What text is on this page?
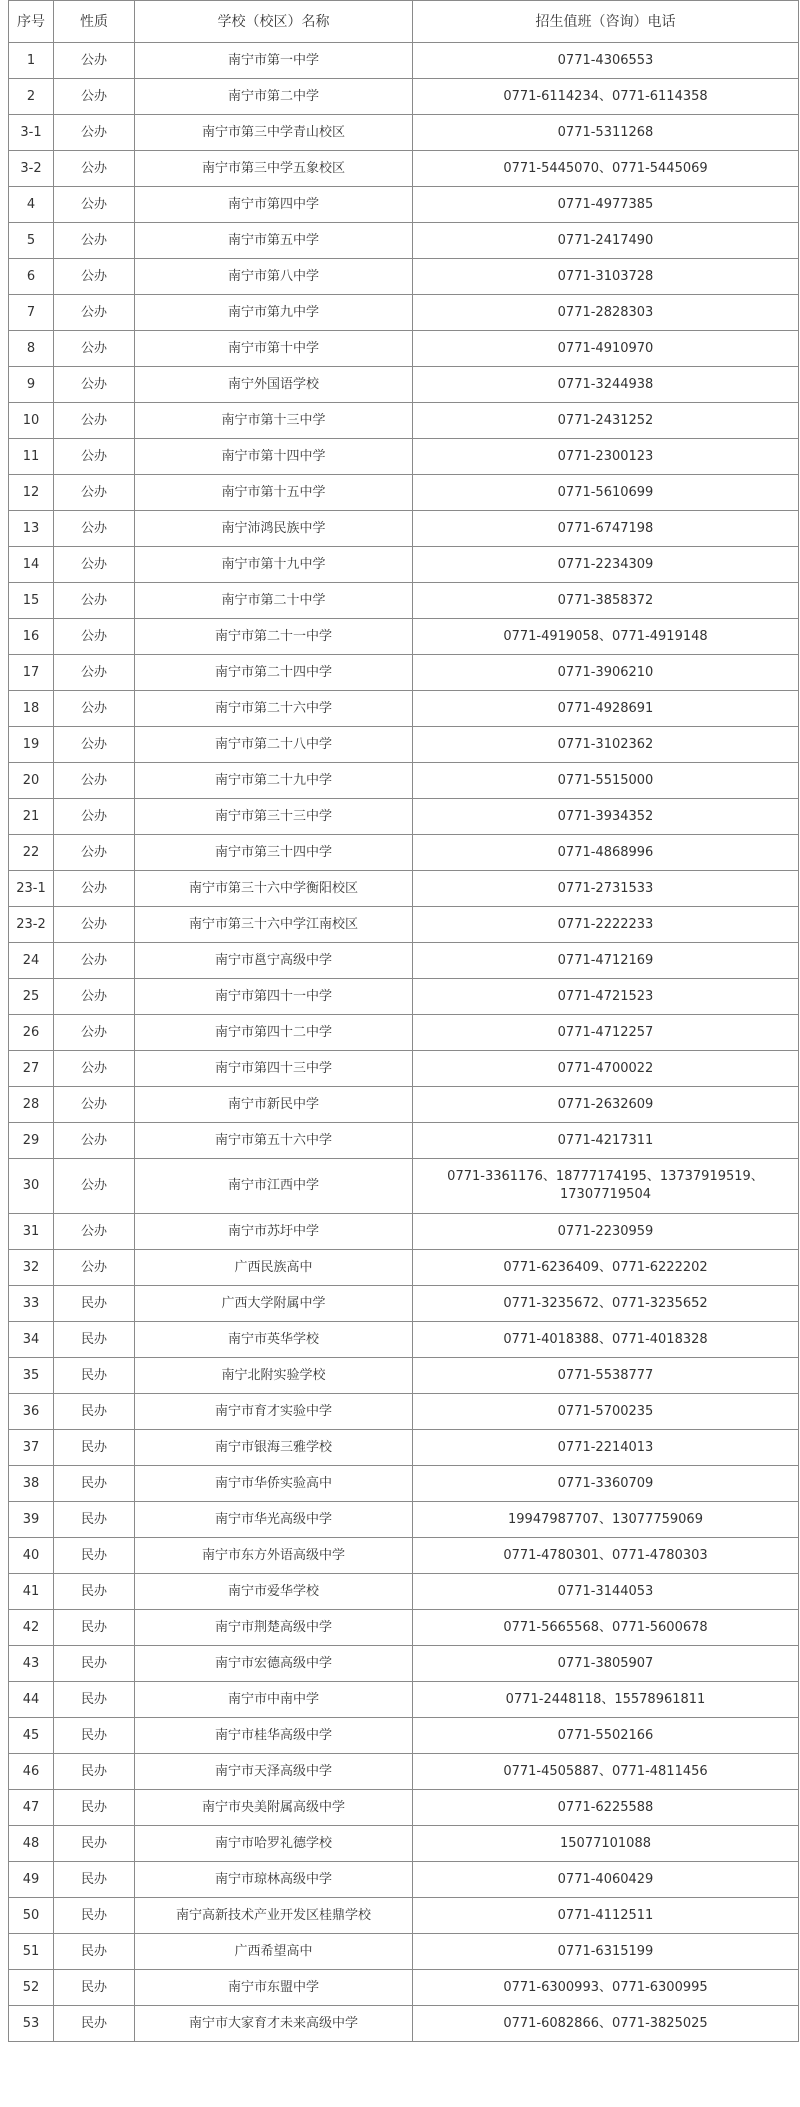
序号	性质	学校（校区）名称	招生值班（咨询）电话
1	公办	南宁市第一中学	0771-4306553
2	公办	南宁市第二中学	0771-6114234、0771-6114358
3-1	公办	南宁市第三中学青山校区	0771-5311268
3-2	公办	南宁市第三中学五象校区	0771-5445070、0771-5445069
4	公办	南宁市第四中学	0771-4977385
5	公办	南宁市第五中学	0771-2417490
6	公办	南宁市第八中学	0771-3103728
7	公办	南宁市第九中学	0771-2828303
8	公办	南宁市第十中学	0771-4910970
9	公办	南宁外国语学校	0771-3244938
10	公办	南宁市第十三中学	0771-2431252
11	公办	南宁市第十四中学	0771-2300123
12	公办	南宁市第十五中学	0771-5610699
13	公办	南宁沛鸿民族中学	0771-6747198
14	公办	南宁市第十九中学	0771-2234309
15	公办	南宁市第二十中学	0771-3858372
16	公办	南宁市第二十一中学	0771-4919058、0771-4919148
17	公办	南宁市第二十四中学	0771-3906210
18	公办	南宁市第二十六中学	0771-4928691
19	公办	南宁市第二十八中学	0771-3102362
20	公办	南宁市第二十九中学	0771-5515000
21	公办	南宁市第三十三中学	0771-3934352
22	公办	南宁市第三十四中学	0771-4868996
23-1	公办	南宁市第三十六中学衡阳校区	0771-2731533
23-2	公办	南宁市第三十六中学江南校区	0771-2222233
24	公办	南宁市邕宁高级中学	0771-4712169
25	公办	南宁市第四十一中学	0771-4721523
26	公办	南宁市第四十二中学	0771-4712257
27	公办	南宁市第四十三中学	0771-4700022
28	公办	南宁市新民中学	0771-2632609
29	公办	南宁市第五十六中学	0771-4217311
30	公办	南宁市江西中学	0771-3361176、18777174195、13737919519、17307719504
31	公办	南宁市苏圩中学	0771-2230959
32	公办	广西民族高中	0771-6236409、0771-6222202
33	民办	广西大学附属中学	0771-3235672、0771-3235652
34	民办	南宁市英华学校	0771-4018388、0771-4018328
35	民办	南宁北附实验学校	0771-5538777
36	民办	南宁市育才实验中学	0771-5700235
37	民办	南宁市银海三雅学校	0771-2214013
38	民办	南宁市华侨实验高中	0771-3360709
39	民办	南宁市华光高级中学	19947987707、13077759069
40	民办	南宁市东方外语高级中学	0771-4780301、0771-4780303
41	民办	南宁市爱华学校	0771-3144053
42	民办	南宁市荆楚高级中学	0771-5665568、0771-5600678
43	民办	南宁市宏德高级中学	0771-3805907
44	民办	南宁市中南中学	0771-2448118、15578961811
45	民办	南宁市桂华高级中学	0771-5502166
46	民办	南宁市天泽高级中学	0771-4505887、0771-4811456
47	民办	南宁市央美附属高级中学	0771-6225588
48	民办	南宁市哈罗礼德学校	15077101088
49	民办	南宁市琼林高级中学	0771-4060429
50	民办	南宁高新技术产业开发区桂鼎学校	0771-4112511
51	民办	广西希望高中	0771-6315199
52	民办	南宁市东盟中学	0771-6300993、0771-6300995
53	民办	南宁市大家育才未来高级中学	0771-6082866、0771-3825025
